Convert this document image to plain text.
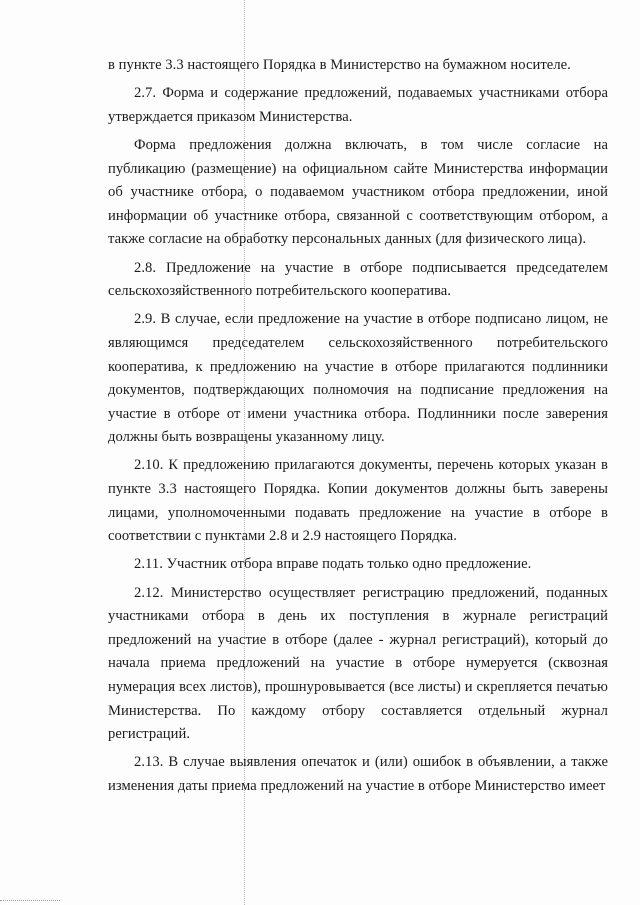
в пункте 3.3 настоящего Порядка в Министерство на бумажном носителе.

2.7. Форма и содержание предложений, подаваемых участниками отбора утверждается приказом Министерства.

Форма предложения должна включать, в том числе согласие на публикацию (размещение) на официальном сайте Министерства информации об участнике отбора, о подаваемом участником отбора предложении, иной информации об участнике отбора, связанной с соответствующим отбором, а также согласие на обработку персональных данных (для физического лица).

2.8. Предложение на участие в отборе подписывается председателем сельскохозяйственного потребительского кооператива.

2.9. В случае, если предложение на участие в отборе подписано лицом, не являющимся председателем сельскохозяйственного потребительского кооператива, к предложению на участие в отборе прилагаются подлинники документов, подтверждающих полномочия на подписание предложения на участие в отборе от имени участника отбора. Подлинники после заверения должны быть возвращены указанному лицу.

2.10. К предложению прилагаются документы, перечень которых указан в пункте 3.3 настоящего Порядка. Копии документов должны быть заверены лицами, уполномоченными подавать предложение на участие в отборе в соответствии с пунктами 2.8 и 2.9 настоящего Порядка.

2.11. Участник отбора вправе подать только одно предложение.

2.12. Министерство осуществляет регистрацию предложений, поданных участниками отбора в день их поступления в журнале регистраций предложений на участие в отборе (далее - журнал регистраций), который до начала приема предложений на участие в отборе нумеруется (сквозная нумерация всех листов), прошнуровывается (все листы) и скрепляется печатью Министерства. По каждому отбору составляется отдельный журнал регистраций.

2.13. В случае выявления опечаток и (или) ошибок в объявлении, а также изменения даты приема предложений на участие в отборе Министерство имеет
